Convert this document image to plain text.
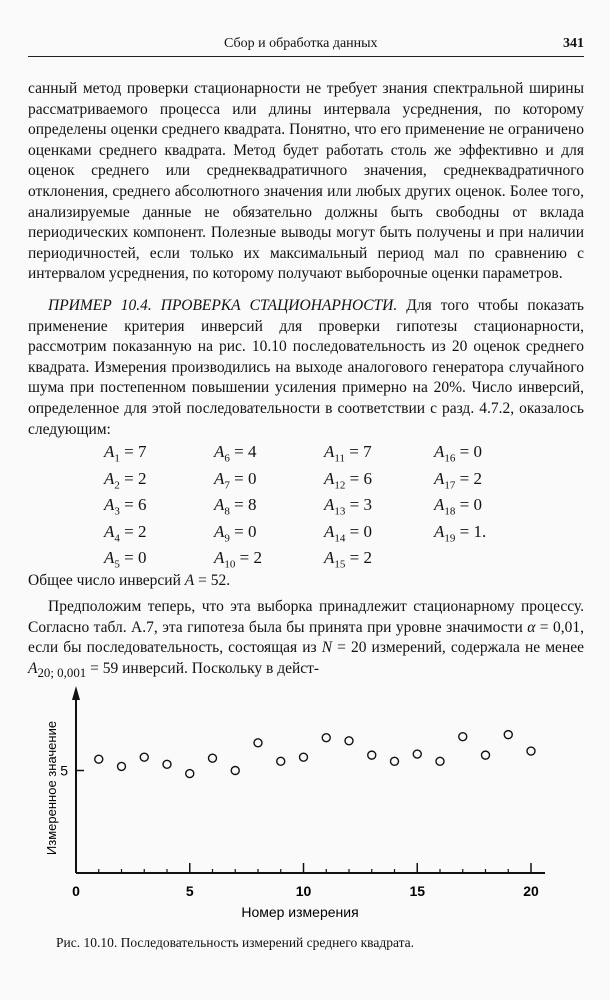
Сбор и обработка данных	341

санный метод проверки стационарности не требует знания спектральной ширины рассматриваемого процесса или длины интервала усреднения, по которому определены оценки среднего квадрата. Понятно, что его применение не ограничено оценками среднего квадрата. Метод будет работать столь же эффективно и для оценок среднего или среднеквадратичного значения, среднеквадратичного отклонения, среднего абсолютного значения или любых других оценок. Более того, анализируемые данные не обязательно должны быть свободны от вклада периодических компонент. Полезные выводы могут быть получены и при наличии периодичностей, если только их максимальный период мал по сравнению с интервалом усреднения, по которому получают выборочные оценки параметров.

ПРИМЕР 10.4. ПРОВЕРКА СТАЦИОНАРНОСТИ. Для того чтобы показать применение критерия инверсий для проверки гипотезы стационарности, рассмотрим показанную на рис. 10.10 последовательность из 20 оценок среднего квадрата. Измерения производились на выходе аналогового генератора случайного шума при постепенном повышении усиления примерно на 20%. Число инверсий, определенное для этой последовательности в соответствии с разд. 4.7.2, оказалось следующим:

$A_1 = 7$	$A_6 = 4$	$A_{11} = 7$	$A_{16} = 0$
$A_2 = 2$	$A_7 = 0$	$A_{12} = 6$	$A_{17} = 2$
$A_3 = 6$	$A_8 = 8$	$A_{13} = 3$	$A_{18} = 0$
$A_4 = 2$	$A_9 = 0$	$A_{14} = 0$	$A_{19} = 1$.
$A_5 = 0$	$A_{10} = 2$	$A_{15} = 2$

Общее число инверсий A = 52.

Предположим теперь, что эта выборка принадлежит стационарному процессу. Согласно табл. А.7, эта гипотеза была бы принята при уровне значимости α = 0,01, если бы последовательность, состоящая из N = 20 измерений, содержала не менее $A_{20; 0,001} = 59$ инверсий. Поскольку в дейст-

0	5	10	15	20
5
Номер измерения
Измеренное значение
Рис. 10.10. Последовательность измерений среднего квадрата.
